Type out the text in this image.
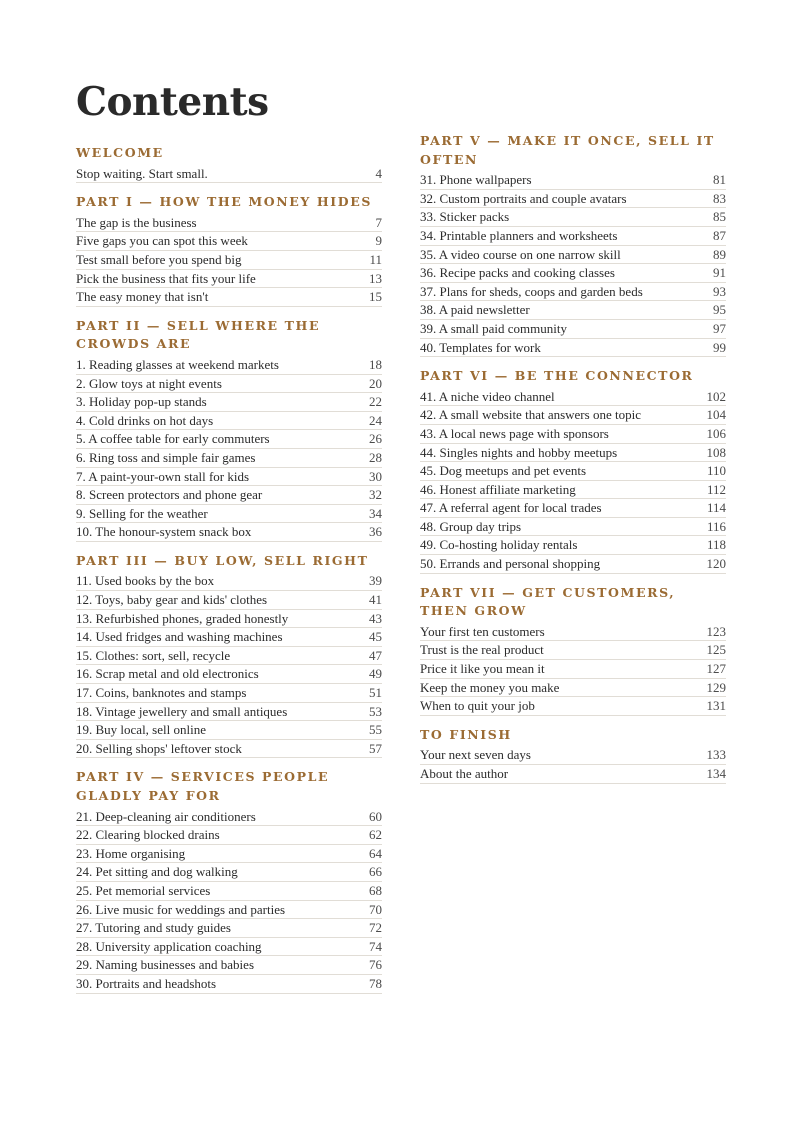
Contents
WELCOME
Stop waiting. Start small.	4
PART I — HOW THE MONEY HIDES
The gap is the business	7
Five gaps you can spot this week	9
Test small before you spend big	11
Pick the business that fits your life	13
The easy money that isn't	15
PART II — SELL WHERE THE CROWDS ARE
1. Reading glasses at weekend markets	18
2. Glow toys at night events	20
3. Holiday pop-up stands	22
4. Cold drinks on hot days	24
5. A coffee table for early commuters	26
6. Ring toss and simple fair games	28
7. A paint-your-own stall for kids	30
8. Screen protectors and phone gear	32
9. Selling for the weather	34
10. The honour-system snack box	36
PART III — BUY LOW, SELL RIGHT
11. Used books by the box	39
12. Toys, baby gear and kids' clothes	41
13. Refurbished phones, graded honestly	43
14. Used fridges and washing machines	45
15. Clothes: sort, sell, recycle	47
16. Scrap metal and old electronics	49
17. Coins, banknotes and stamps	51
18. Vintage jewellery and small antiques	53
19. Buy local, sell online	55
20. Selling shops' leftover stock	57
PART IV — SERVICES PEOPLE GLADLY PAY FOR
21. Deep-cleaning air conditioners	60
22. Clearing blocked drains	62
23. Home organising	64
24. Pet sitting and dog walking	66
25. Pet memorial services	68
26. Live music for weddings and parties	70
27. Tutoring and study guides	72
28. University application coaching	74
29. Naming businesses and babies	76
30. Portraits and headshots	78
PART V — MAKE IT ONCE, SELL IT OFTEN
31. Phone wallpapers	81
32. Custom portraits and couple avatars	83
33. Sticker packs	85
34. Printable planners and worksheets	87
35. A video course on one narrow skill	89
36. Recipe packs and cooking classes	91
37. Plans for sheds, coops and garden beds	93
38. A paid newsletter	95
39. A small paid community	97
40. Templates for work	99
PART VI — BE THE CONNECTOR
41. A niche video channel	102
42. A small website that answers one topic	104
43. A local news page with sponsors	106
44. Singles nights and hobby meetups	108
45. Dog meetups and pet events	110
46. Honest affiliate marketing	112
47. A referral agent for local trades	114
48. Group day trips	116
49. Co-hosting holiday rentals	118
50. Errands and personal shopping	120
PART VII — GET CUSTOMERS, THEN GROW
Your first ten customers	123
Trust is the real product	125
Price it like you mean it	127
Keep the money you make	129
When to quit your job	131
TO FINISH
Your next seven days	133
About the author	134
